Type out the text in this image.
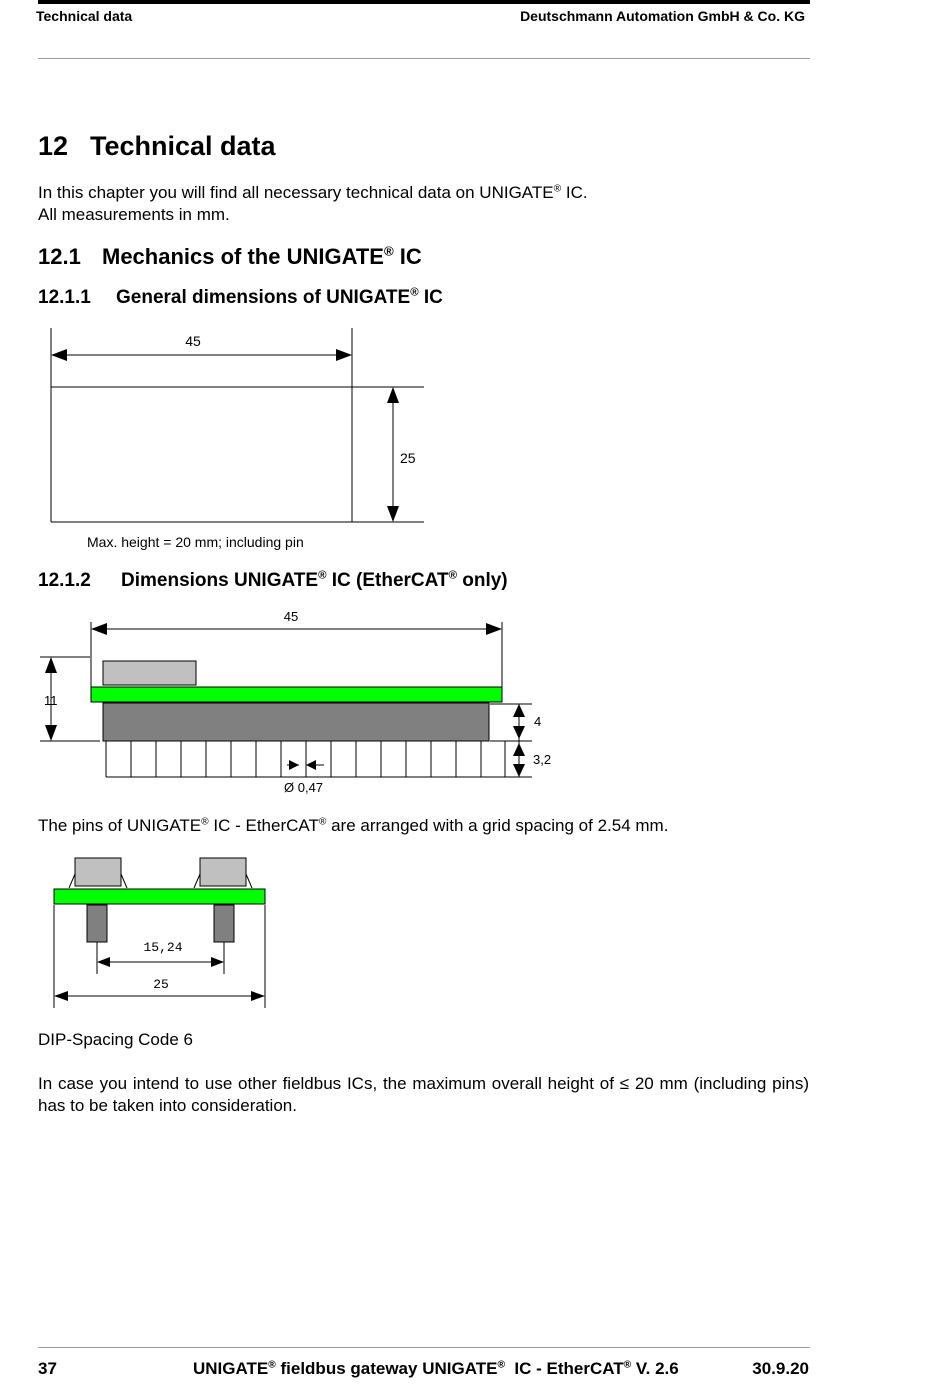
Technical data	Deutschmann Automation GmbH & Co. KG
12 Technical data
In this chapter you will find all necessary technical data on UNIGATE® IC.
All measurements in mm.
12.1 Mechanics of the UNIGATE® IC
12.1.1 General dimensions of UNIGATE® IC
45
25
Max. height = 20 mm; including pin
12.1.2 Dimensions UNIGATE® IC (EtherCAT® only)
45
11
4
3,2
Ø 0,47
The pins of UNIGATE® IC - EtherCAT® are arranged with a grid spacing of 2.54 mm.
15,24
25
DIP-Spacing Code 6
In case you intend to use other fieldbus ICs, the maximum overall height of ≤ 20 mm (including pins) has to be taken into consideration.
37	UNIGATE® fieldbus gateway UNIGATE®  IC - EtherCAT® V. 2.6	30.9.20
